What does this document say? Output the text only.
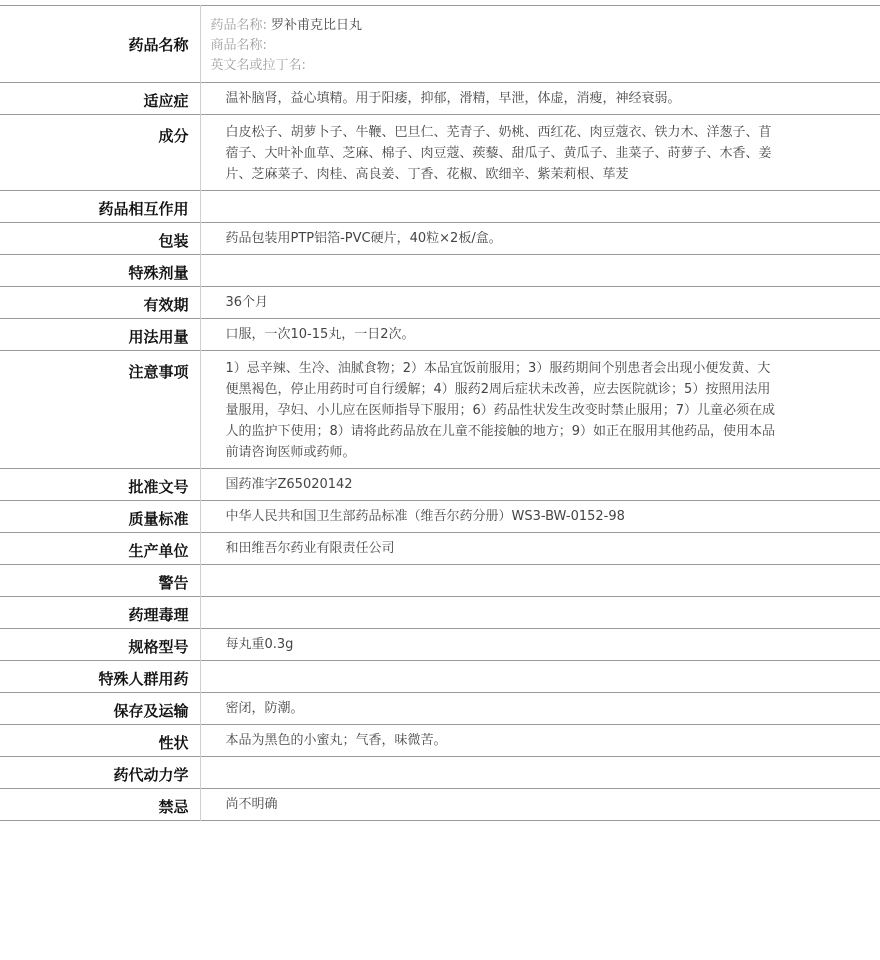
药品名称	药品名称: 罗补甫克比日丸
商品名称:
英文名或拉丁名:

适应症	温补脑肾，益心填精。用于阳痿，抑郁，滑精，早泄，体虚，消瘦，神经衰弱。
成分	白皮松子、胡萝卜子、牛鞭、巴旦仁、芜青子、奶桃、西红花、肉豆蔻衣、铁力木、洋葱子、苜蓿子、大叶补血草、芝麻、棉子、肉豆蔻、蒺藜、甜瓜子、黄瓜子、韭菜子、莳萝子、木香、姜片、芝麻菜子、肉桂、高良姜、丁香、花椒、欧细辛、紫茉莉根、荜茇
药品相互作用	
包装	药品包装用PTP铝箔-PVC硬片，40粒×2板/盒。
特殊剂量	
有效期	36个月
用法用量	口服，一次10-15丸，一日2次。
注意事项	1）忌辛辣、生冷、油腻食物；2）本品宜饭前服用；3）服药期间个别患者会出现小便发黄、大便黑褐色，停止用药时可自行缓解；4）服药2周后症状未改善，应去医院就诊；5）按照用法用量服用，孕妇、小儿应在医师指导下服用；6）药品性状发生改变时禁止服用；7）儿童必须在成人的监护下使用；8）请将此药品放在儿童不能接触的地方；9）如正在服用其他药品，使用本品前请咨询医师或药师。
批准文号	国药准字Z65020142
质量标准	中华人民共和国卫生部药品标准（维吾尔药分册）WS3-BW-0152-98
生产单位	和田维吾尔药业有限责任公司
警告	
药理毒理	
规格型号	每丸重0.3g
特殊人群用药	
保存及运输	密闭，防潮。
性状	本品为黑色的小蜜丸；气香，味微苦。
药代动力学	
禁忌	尚不明确
